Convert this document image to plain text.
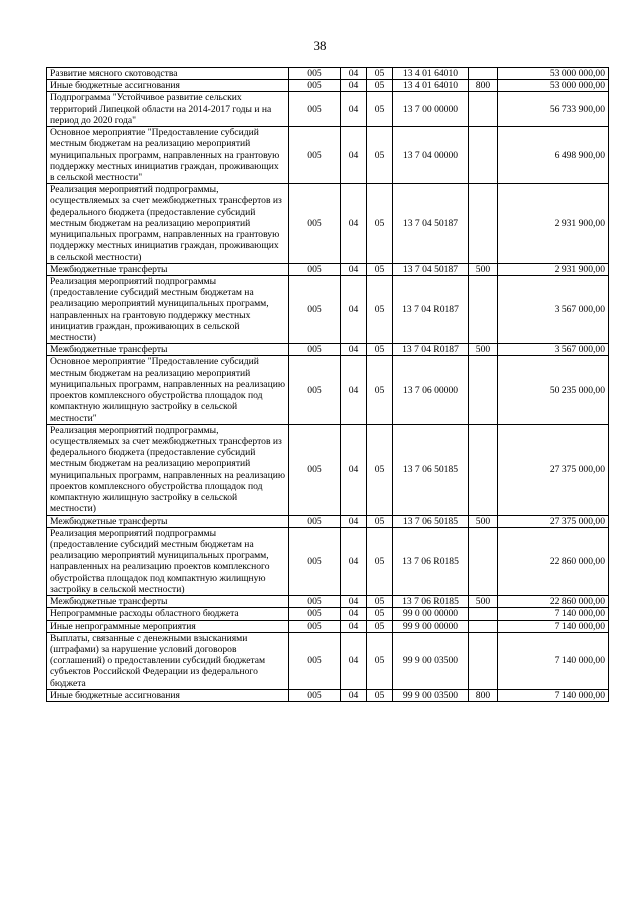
38
Развитие мясного скотоводства	005	04	05	13 4 01 64010		53 000 000,00
Иные бюджетные ассигнования	005	04	05	13 4 01 64010	800	53 000 000,00
Подпрограмма "Устойчивое развитие сельских территорий Липецкой области на 2014-2017 годы и на период до 2020 года"	005	04	05	13 7 00 00000		56 733 900,00
Основное мероприятие "Предоставление субсидий местным бюджетам на реализацию мероприятий муниципальных программ, направленных на грантовую поддержку местных инициатив граждан, проживающих в сельской местности"	005	04	05	13 7 04 00000		6 498 900,00
Реализация мероприятий подпрограммы, осуществляемых за счет межбюджетных трансфертов из федерального бюджета (предоставление субсидий местным бюджетам на реализацию мероприятий муниципальных программ, направленных на грантовую поддержку местных инициатив граждан, проживающих в сельской местности)	005	04	05	13 7 04 50187		2 931 900,00
Межбюджетные трансферты	005	04	05	13 7 04 50187	500	2 931 900,00
Реализация мероприятий подпрограммы (предоставление субсидий местным бюджетам на реализацию мероприятий муниципальных программ, направленных на грантовую поддержку местных инициатив граждан, проживающих в сельской местности)	005	04	05	13 7 04 R0187		3 567 000,00
Межбюджетные трансферты	005	04	05	13 7 04 R0187	500	3 567 000,00
Основное мероприятие "Предоставление субсидий местным бюджетам на реализацию мероприятий муниципальных программ, направленных на реализацию проектов комплексного обустройства площадок под компактную жилищную застройку в сельской местности"	005	04	05	13 7 06 00000		50 235 000,00
Реализация мероприятий подпрограммы, осуществляемых за счет межбюджетных трансфертов из федерального бюджета (предоставление субсидий местным бюджетам на реализацию мероприятий муниципальных программ, направленных на реализацию проектов комплексного обустройства площадок под компактную жилищную застройку в сельской местности)	005	04	05	13 7 06 50185		27 375 000,00
Межбюджетные трансферты	005	04	05	13 7 06 50185	500	27 375 000,00
Реализация мероприятий подпрограммы (предоставление субсидий местным бюджетам на реализацию мероприятий муниципальных программ, направленных на реализацию проектов комплексного обустройства площадок под компактную жилищную застройку в сельской местности)	005	04	05	13 7 06 R0185		22 860 000,00
Межбюджетные трансферты	005	04	05	13 7 06 R0185	500	22 860 000,00
Непрограммные расходы областного бюджета	005	04	05	99 0 00 00000		7 140 000,00
Иные непрограммные мероприятия	005	04	05	99 9 00 00000		7 140 000,00
Выплаты, связанные с денежными взысканиями (штрафами) за нарушение условий договоров (соглашений) о предоставлении субсидий бюджетам субъектов Российской Федерации из федерального бюджета	005	04	05	99 9 00 03500		7 140 000,00
Иные бюджетные ассигнования	005	04	05	99 9 00 03500	800	7 140 000,00
